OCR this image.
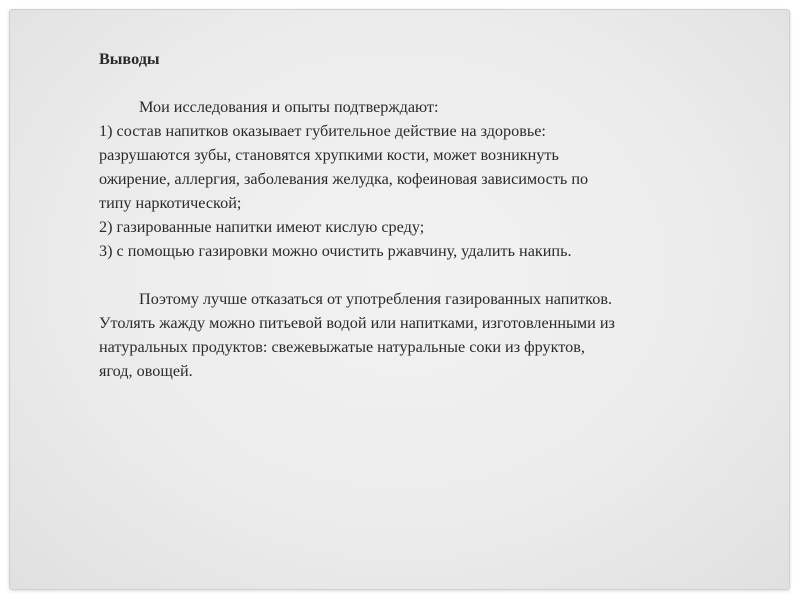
Выводы
Мои исследования и опыты подтверждают:
1) состав напитков оказывает губительное действие на здоровье:
разрушаются зубы, становятся хрупкими кости, может возникнуть
ожирение, аллергия, заболевания желудка, кофеиновая зависимость по
типу наркотической;
2) газированные напитки имеют кислую среду;
3) с помощью газировки можно очистить ржавчину, удалить накипь.
Поэтому лучше отказаться от употребления газированных напитков.
Утолять жажду можно питьевой водой или напитками, изготовленными из
натуральных продуктов: свежевыжатые натуральные соки из фруктов,
ягод, овощей.
